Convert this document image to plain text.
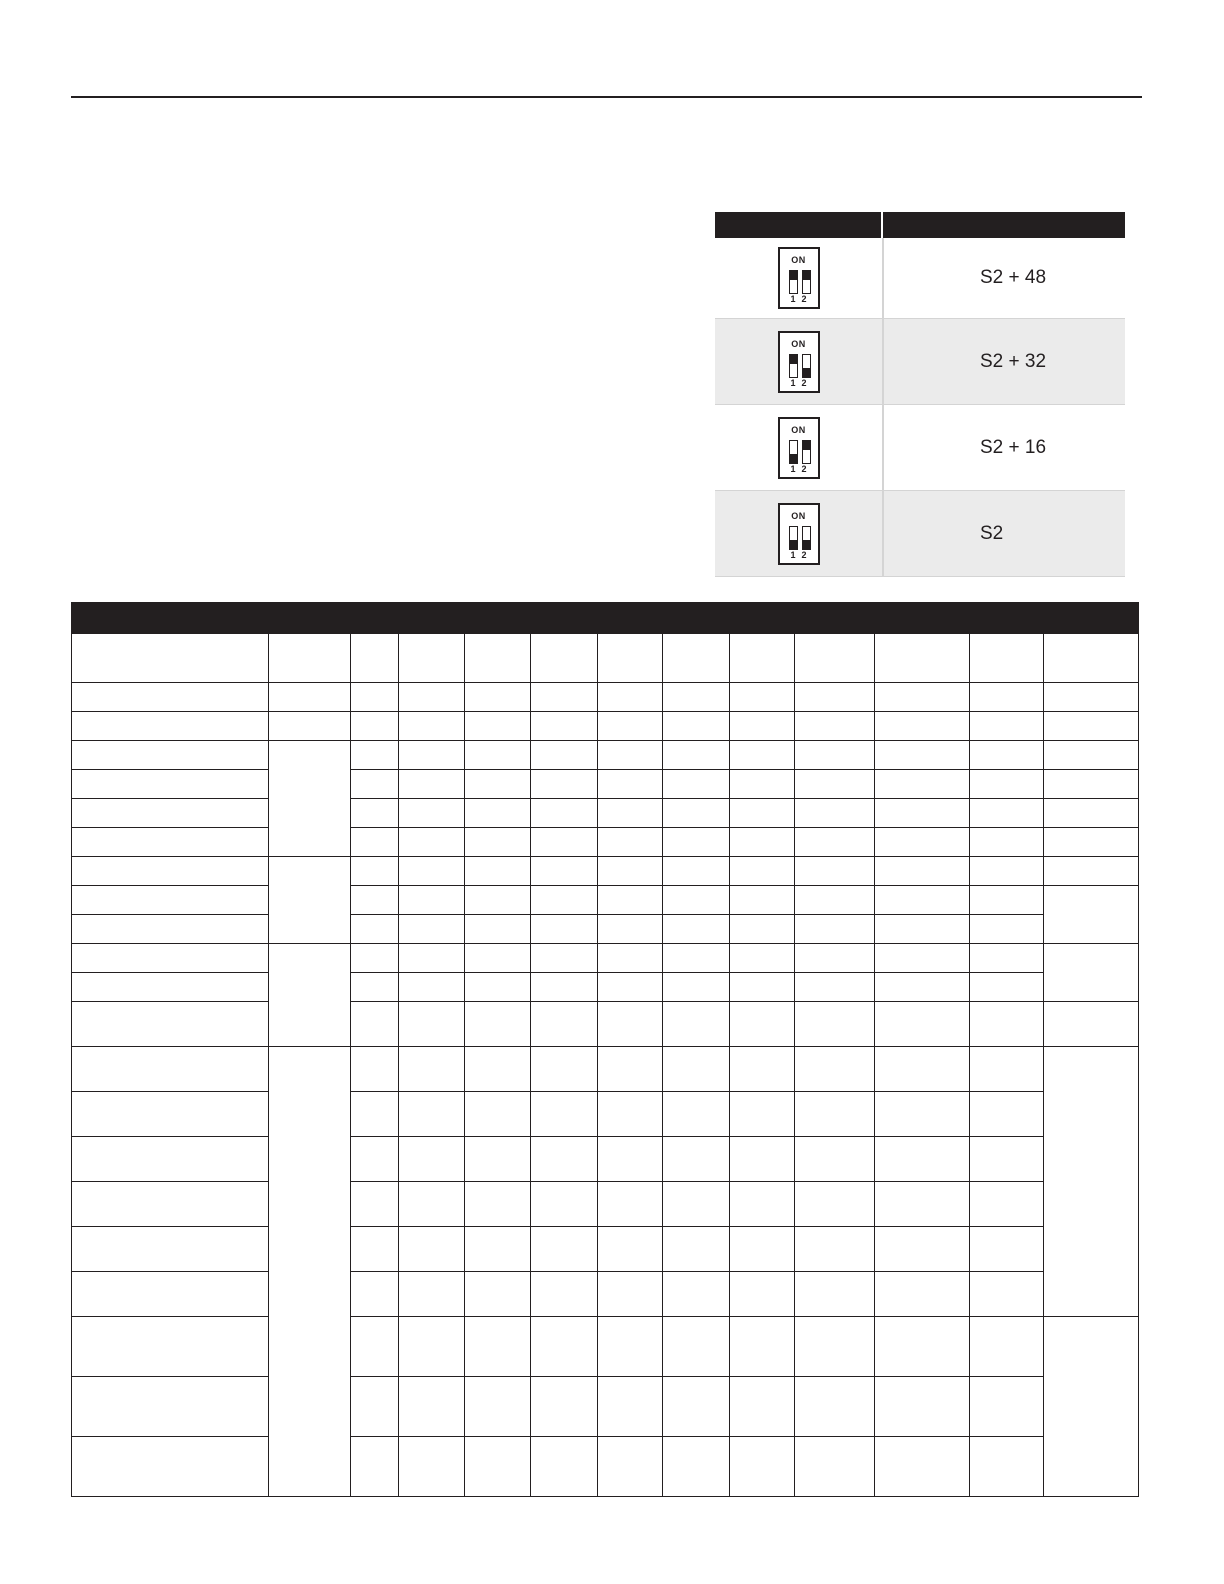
ON
1 2
S2 + 48
ON
1 2
S2 + 32
ON
1 2
S2 + 16
ON
1 2
S2
